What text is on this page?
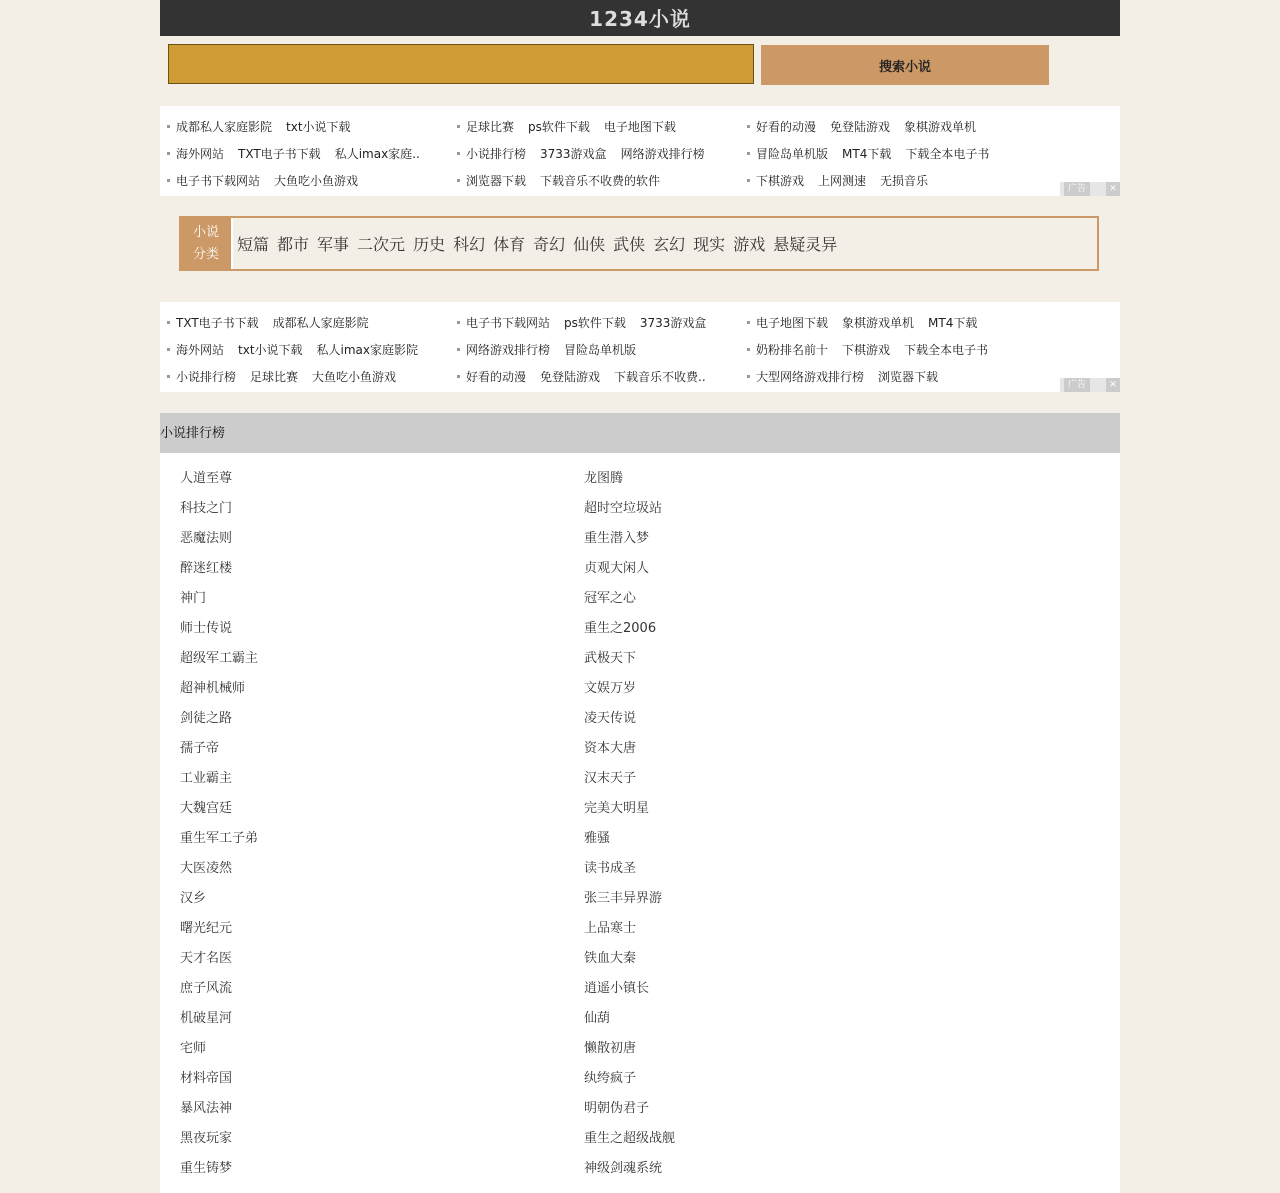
1234小说
搜索小说
好看的动漫 免登陆游戏 象棋游戏单机
冒险岛单机版 MT4下载 下载全本电子书
下棋游戏 上网测速 无损音乐
足球比赛 ps软件下载 电子地图下载
小说排行榜 3733游戏盒 网络游戏排行榜
浏览器下载 下载音乐不收费的软件
成都私人家庭影院 txt小说下载
海外网站 TXT电子书下载 私人imax家庭..
电子书下载网站 大鱼吃小鱼游戏
广告	✕
小说
分类
短篇 都市 军事 二次元 历史 科幻 体育 奇幻 仙侠 武侠 玄幻 现实 游戏 悬疑灵异
电子地图下载 象棋游戏单机 MT4下载
奶粉排名前十 下棋游戏 下载全本电子书
大型网络游戏排行榜 浏览器下载
电子书下载网站 ps软件下载 3733游戏盒
网络游戏排行榜 冒险岛单机版
好看的动漫 免登陆游戏 下载音乐不收费..
TXT电子书下载 成都私人家庭影院
海外网站 txt小说下载 私人imax家庭影院
小说排行榜 足球比赛 大鱼吃小鱼游戏
广告	✕
小说排行榜
人道至尊
科技之门
恶魔法则
醉迷红楼
神门
师士传说
超级军工霸主
超神机械师
剑徒之路
孺子帝
工业霸主
大魏宫廷
重生军工子弟
大医凌然
汉乡
曙光纪元
天才名医
庶子风流
机破星河
宅师
材料帝国
暴风法神
黑夜玩家
重生铸梦
龙图腾
超时空垃圾站
重生潜入梦
贞观大闲人
冠军之心
重生之2006
武极天下
文娱万岁
凌天传说
资本大唐
汉末天子
完美大明星
雅骚
读书成圣
张三丰异界游
上品寒士
铁血大秦
逍遥小镇长
仙葫
懒散初唐
纨绔疯子
明朝伪君子
重生之超级战舰
神级剑魂系统
